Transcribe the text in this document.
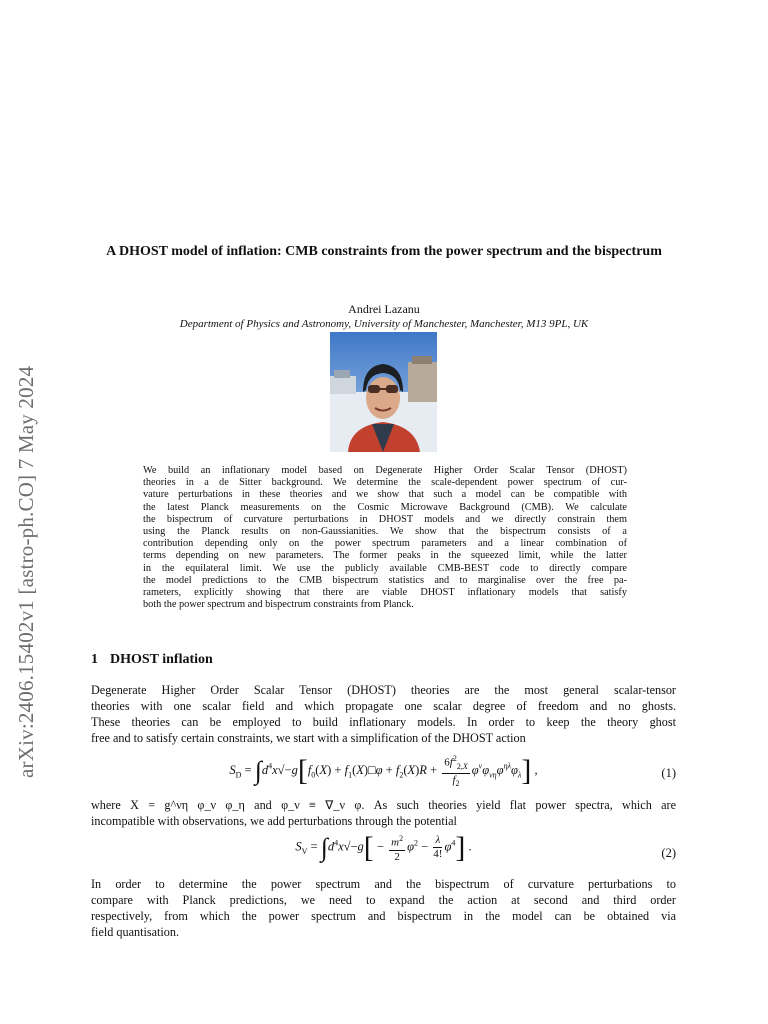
arXiv:2406.15402v1 [astro-ph.CO] 7 May 2024
A DHOST model of inflation: CMB constraints from the power spectrum and the bispectrum
Andrei Lazanu
Department of Physics and Astronomy, University of Manchester, Manchester, M13 9PL, UK
We build an inflationary model based on Degenerate Higher Order Scalar Tensor (DHOST)
theories in a de Sitter background. We determine the scale-dependent power spectrum of cur-
vature perturbations in these theories and we show that such a model can be compatible with
the latest Planck measurements on the Cosmic Microwave Background (CMB). We calculate
the bispectrum of curvature perturbations in DHOST models and we directly constrain them
using the Planck results on non-Gaussianities. We show that the bispectrum consists of a
contribution depending only on the power spectrum parameters and a linear combination of
terms depending on new parameters. The former peaks in the squeezed limit, while the latter
in the equilateral limit. We use the publicly available CMB-BEST code to directly compare
the model predictions to the CMB bispectrum statistics and to marginalise over the free pa-
rameters, explicitly showing that there are viable DHOST inflationary models that satisfy
both the power spectrum and bispectrum constraints from Planck.
1 DHOST inflation
Degenerate Higher Order Scalar Tensor (DHOST) theories are the most general scalar-tensor
theories with one scalar field and which propagate one scalar degree of freedom and no ghosts.
These theories can be employed to build inflationary models. In order to keep the theory ghost
free and to satisfy certain constraints, we start with a simplification of the DHOST action
$S_D = \int d^4x√-g[f_0(X)$ + $f_1(X)□\varphi + f_2(X)R + \frac{6f^2_{2,X}}{f_2} \varphi^\nu\varphi_{\nu\eta}\varphi^{\eta\lambda}\varphi_\lambda$] ,	(1)
where X = g^νη φ_ν φ_η and φ_ν ≡ ∇_ν φ. As such theories yield flat power spectra, which are
incompatible with observations, we add perturbations through the potential
$S_V = \int d^4x√-g[ - \frac{m^2}{2} \varphi^2 - \frac{\lambda}{4!} \varphi^4]$ .	(2)
In order to determine the power spectrum and the bispectrum of curvature perturbations to
compare with Planck predictions, we need to expand the action at second and third order
respectively, from which the power spectrum and bispectrum in the model can be obtained via
field quantisation.
